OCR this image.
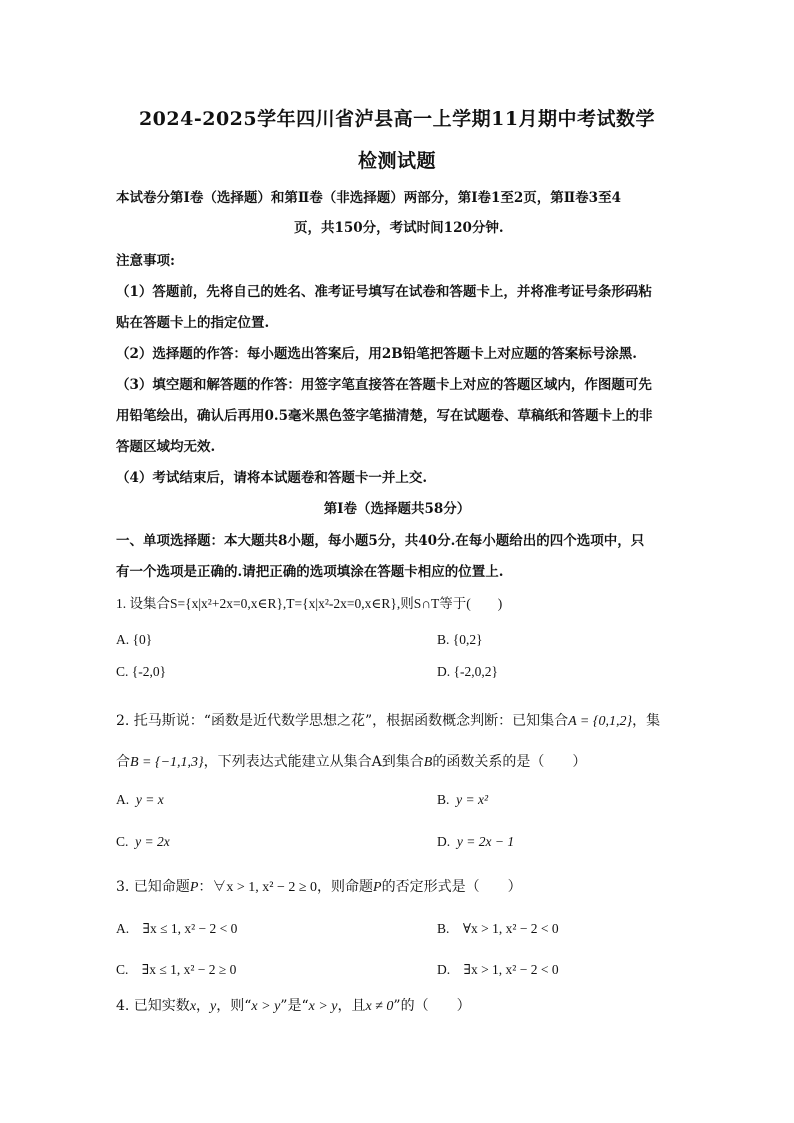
2024-2025学年四川省泸县高一上学期11月期中考试数学
检测试题
本试卷分第Ⅰ卷（选择题）和第Ⅱ卷（非选择题）两部分，第Ⅰ卷1至2页，第Ⅱ卷3至4
页，共150分，考试时间120分钟.
注意事项:
（1）答题前，先将自己的姓名、准考证号填写在试卷和答题卡上，并将准考证号条形码粘
贴在答题卡上的指定位置.
（2）选择题的作答：每小题选出答案后，用2B铅笔把答题卡上对应题的答案标号涂黑.
（3）填空题和解答题的作答：用签字笔直接答在答题卡上对应的答题区域内，作图题可先
用铅笔绘出，确认后再用0.5毫米黑色签字笔描清楚，写在试题卷、草稿纸和答题卡上的非
答题区域均无效.
（4）考试结束后，请将本试题卷和答题卡一并上交.
第Ⅰ卷（选择题共58分）
一、单项选择题：本大题共8小题，每小题5分，共40分.在每小题给出的四个选项中，只
有一个选项是正确的.请把正确的选项填涂在答题卡相应的位置上.
1. 设集合S={x|x²+2x=0,x∈R},T={x|x²-2x=0,x∈R},则S∩T等于(　　)
A. {0}	B. {0,2}
C. {-2,0}	D. {-2,0,2}
2. 托马斯说：“函数是近代数学思想之花”，根据函数概念判断：已知集合A = {0,1,2}，集
合B = {−1,1,3}，下列表达式能建立从集合A到集合B的函数关系的是（　　）
A. y = x	B. y = x²
C. y = 2x	D. y = 2x − 1
3. 已知命题P：∀x > 1, x² − 2 ≥ 0，则命题P的否定形式是（　　）
A.　∃x ≤ 1, x² − 2 < 0	B.　∀x > 1, x² − 2 < 0
C.　∃x ≤ 1, x² − 2 ≥ 0	D.　∃x > 1, x² − 2 < 0
4. 已知实数x，y，则“x > y”是“x > y，且x ≠ 0”的（　　）
